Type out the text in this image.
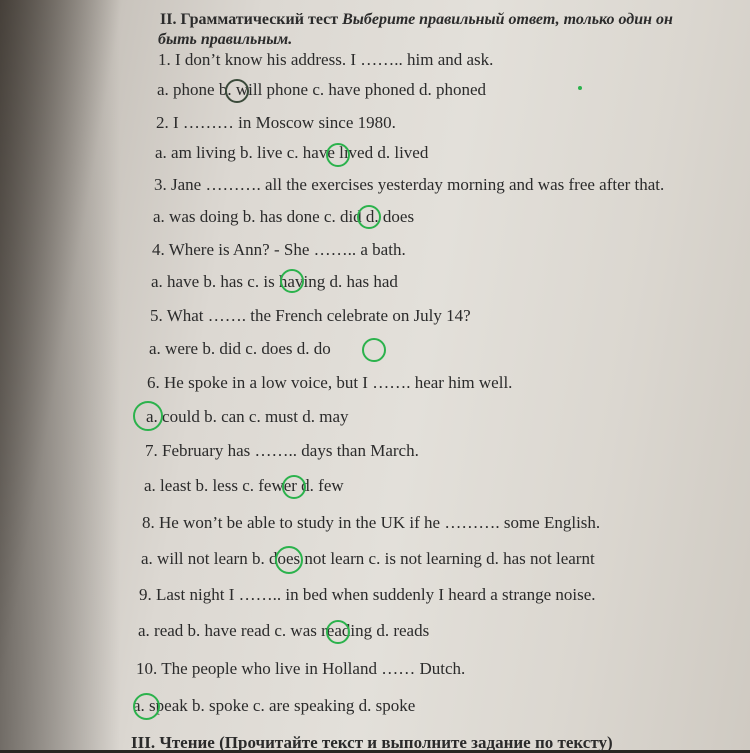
II. Грамматический тест Выберите правильный ответ, только один он
быть правильным.
1. I don’t know his address. I …….. him and ask.
a. phone b. will phone c. have phoned d. phoned
2. I ……… in Moscow since 1980.
a. am living b. live c. have lived d. lived
3. Jane ………. all the exercises yesterday morning and was free after that.
a. was doing b. has done c. did d. does
4. Where is Ann? - She …….. a bath.
a. have b. has c. is having d. has had
5. What ……. the French celebrate on July 14?
a. were b. did c. does d. do
6. He spoke in a low voice, but I ……. hear him well.
a. could b. can c. must d. may
7. February has …….. days than March.
a. least b. less c. fewer d. few
8. He won’t be able to study in the UK if he ………. some English.
a. will not learn b. does not learn c. is not learning d. has not learnt
9. Last night I …….. in bed when suddenly I heard a strange noise.
a. read b. have read c. was reading d. reads
10. The people who live in Holland …… Dutch.
a. speak b. spoke c. are speaking d. spoke
III. Чтение (Прочитайте текст и выполните задание по тексту)
